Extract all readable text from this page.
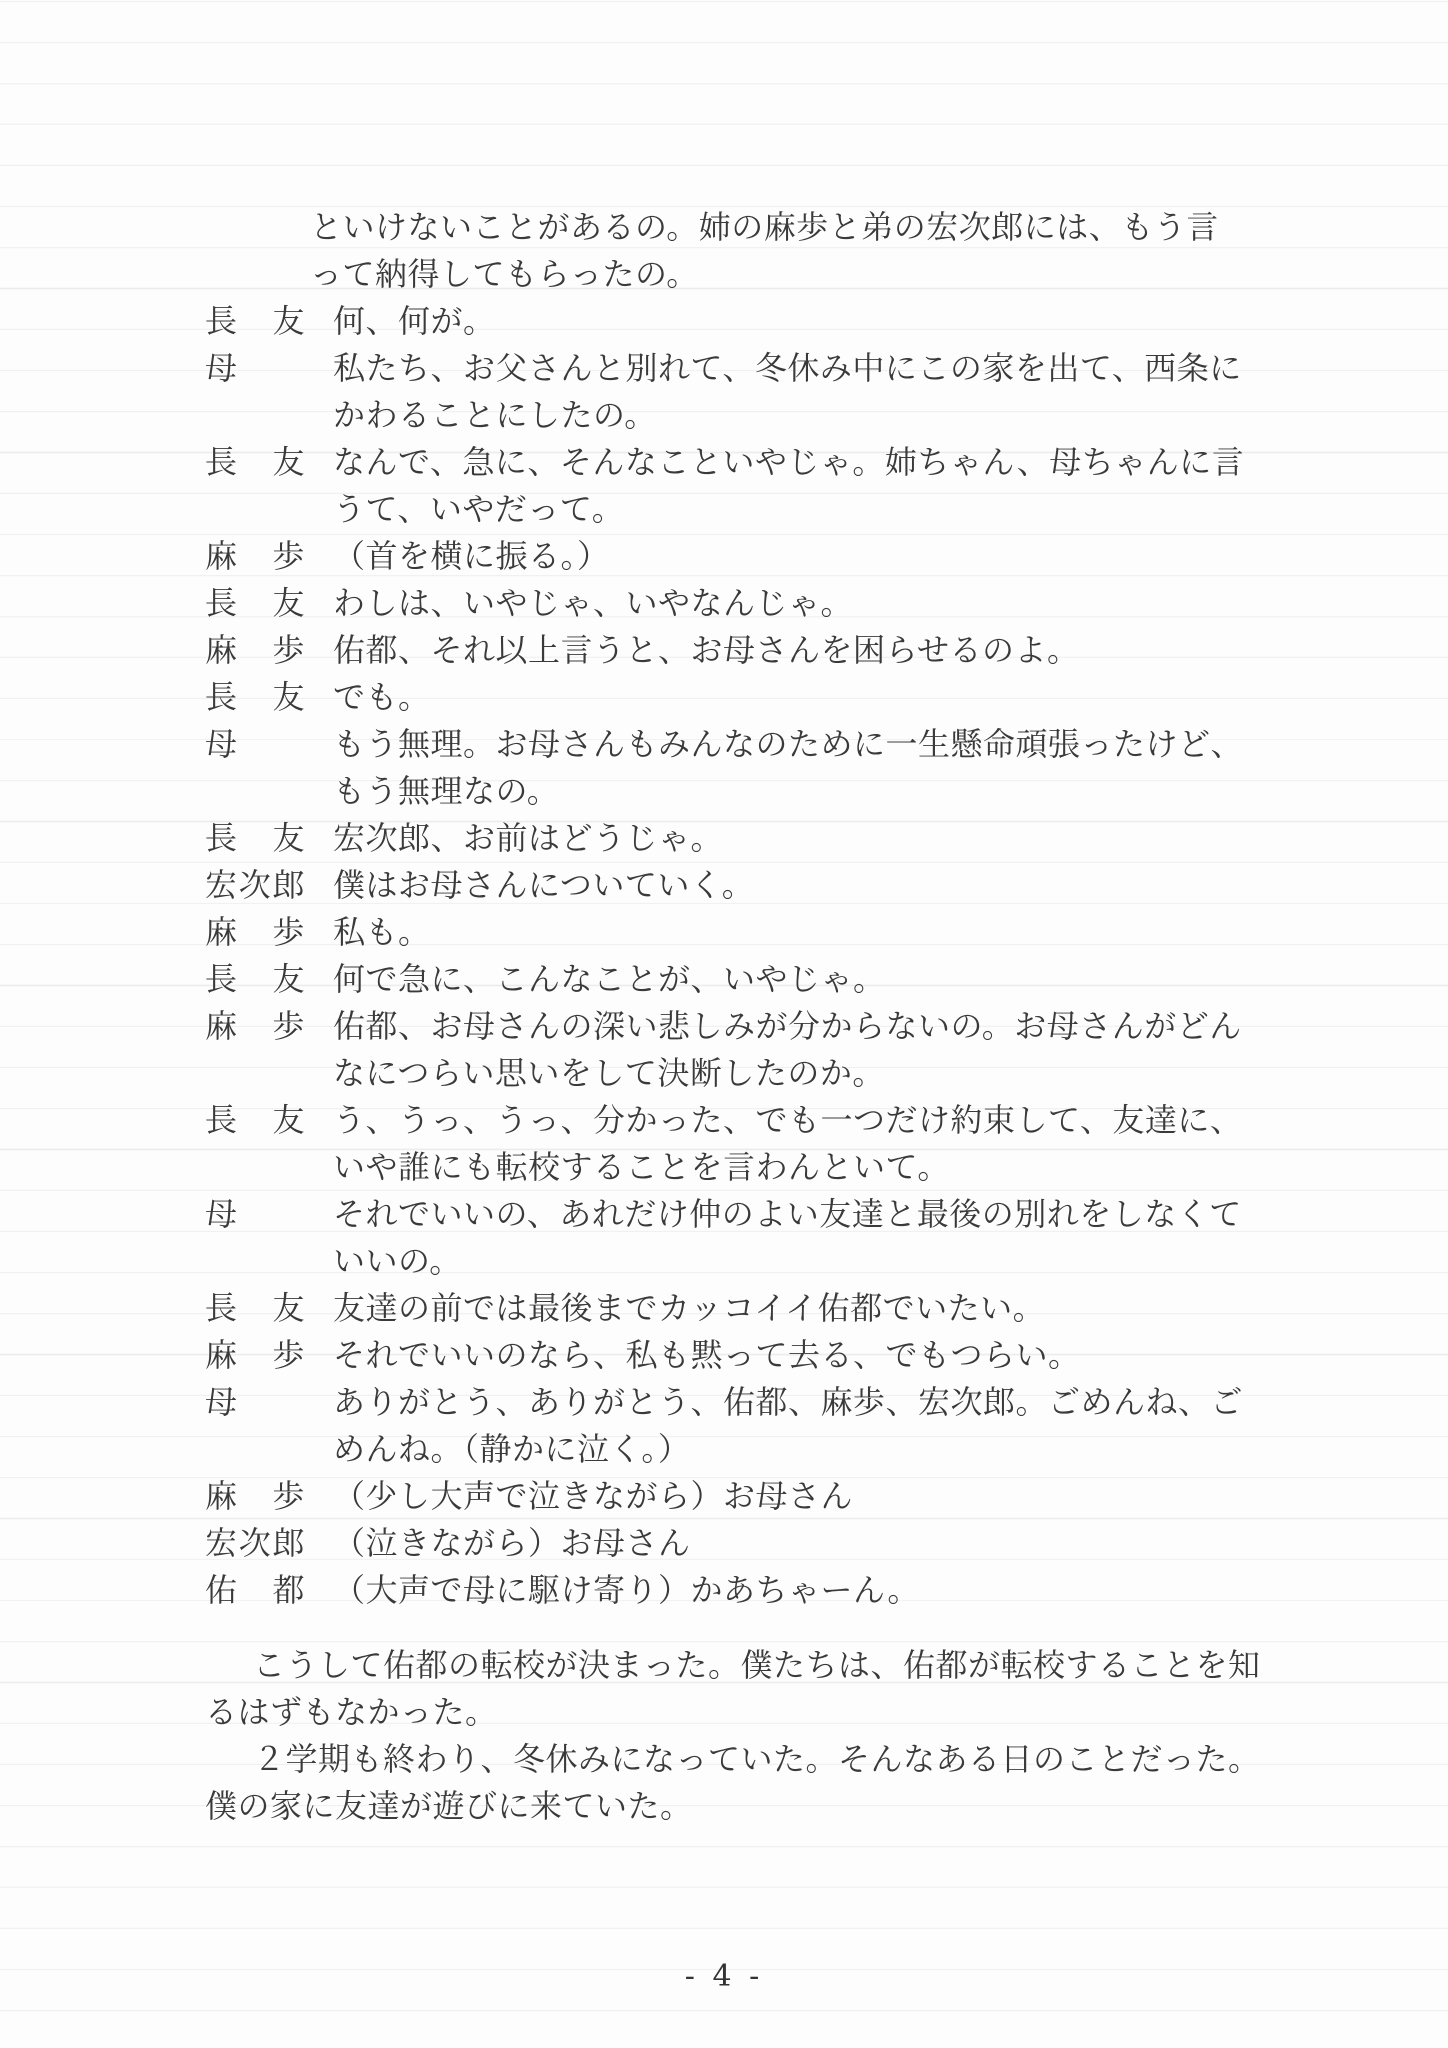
といけないことがあるの。姉の麻歩と弟の宏次郎には、もう言
って納得してもらったの。
長友 何、何が。
母	私たち、お父さんと別れて、冬休み中にこの家を出て、西条に
かわることにしたの。
長友 なんで、急に、そんなこといやじゃ。姉ちゃん、母ちゃんに言
うて、いやだって。
麻歩 （首を横に振る。）
長友 わしは、いやじゃ、いやなんじゃ。
麻歩 佑都、それ以上言うと、お母さんを困らせるのよ。
長友 でも。
母	もう無理。お母さんもみんなのために一生懸命頑張ったけど、
もう無理なの。
長友 宏次郎、お前はどうじゃ。
宏次郎 僕はお母さんについていく。
麻歩 私も。
長友 何で急に、こんなことが、いやじゃ。
麻歩 佑都、お母さんの深い悲しみが分からないの。お母さんがどん
なにつらい思いをして決断したのか。
長友 う、うっ、うっ、分かった、でも一つだけ約束して、友達に、
いや誰にも転校することを言わんといて。
母	それでいいの、あれだけ仲のよい友達と最後の別れをしなくて
いいの。
長友 友達の前では最後までカッコイイ佑都でいたい。
麻歩 それでいいのなら、私も黙って去る、でもつらい。
母	ありがとう、ありがとう、佑都、麻歩、宏次郎。ごめんね、ご
めんね。（静かに泣く。）
麻歩 （少し大声で泣きながら）お母さん
宏次郎 （泣きながら）お母さん
佑都 （大声で母に駆け寄り）かあちゃーん。
こうして佑都の転校が決まった。僕たちは、佑都が転校することを知
るはずもなかった。
２学期も終わり、冬休みになっていた。そんなある日のことだった。
僕の家に友達が遊びに来ていた。
- 4 -
